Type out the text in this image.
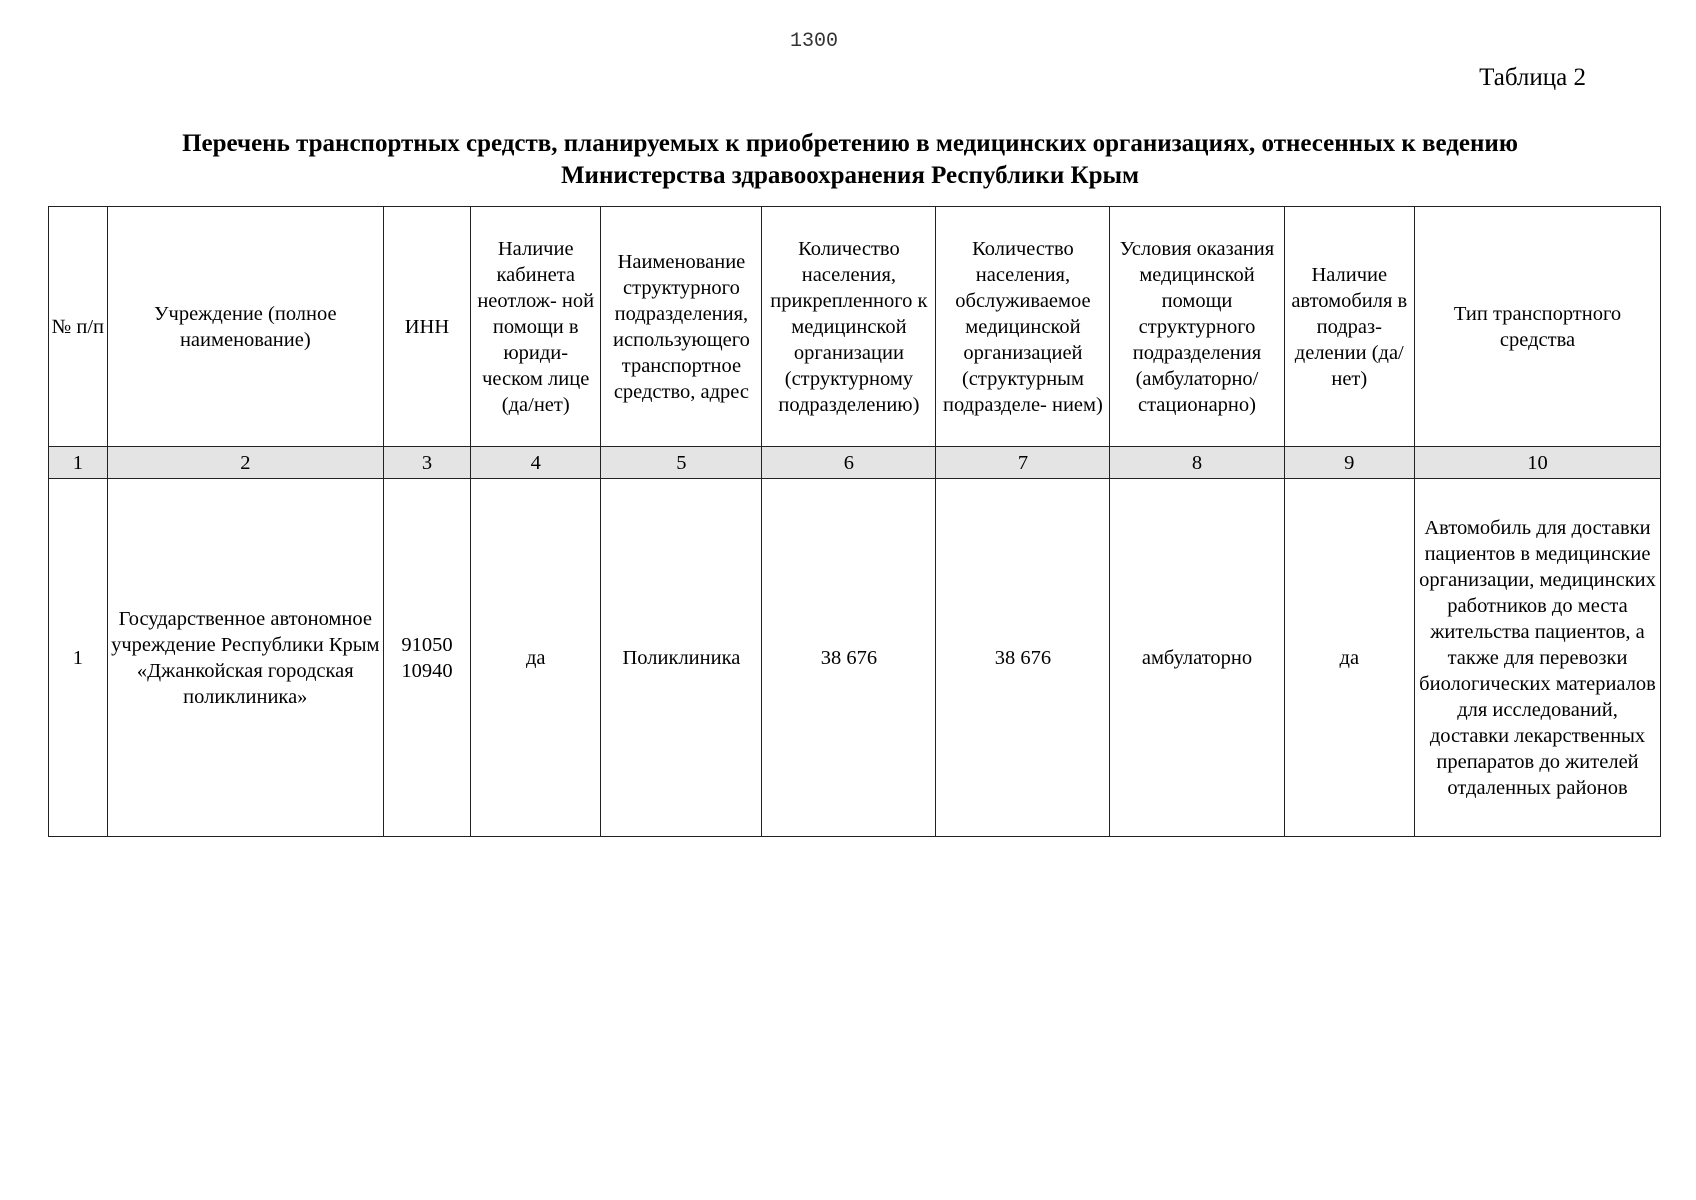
1300
Таблица 2
Перечень транспортных средств, планируемых к приобретению в медицинских организациях, отнесенных к ведению
Министерства здравоохранения Республики Крым
№ п/п	Учреждение (полное наименование)	ИНН	Наличие кабинета неотлож- ной помощи в юриди- ческом лице (да/нет)	Наименование структурного подразделения, использующего транспортное средство, адрес	Количество населения, прикрепленного к медицинской организации (структурному подразделению)	Количество населения, обслуживаемое медицинской организацией (структурным подразделе- нием)	Условия оказания медицинской помощи структурного подразделения (амбулаторно/ стационарно)	Наличие автомобиля в подраз- делении (да/нет)	Тип транспортного средства

1	2	3	4	5	6	7	8	9	10
1	Государственное автономное учреждение Республики Крым «Джанкойская городская поликлиника»	91050 10940	да	Поликлиника	38 676	38 676	амбулаторно	да	Автомобиль для доставки пациентов в медицинские организации, медицинских работников до места жительства пациентов, а также для перевозки биологических материалов для исследований, доставки лекарственных препаратов до жителей отдаленных районов
